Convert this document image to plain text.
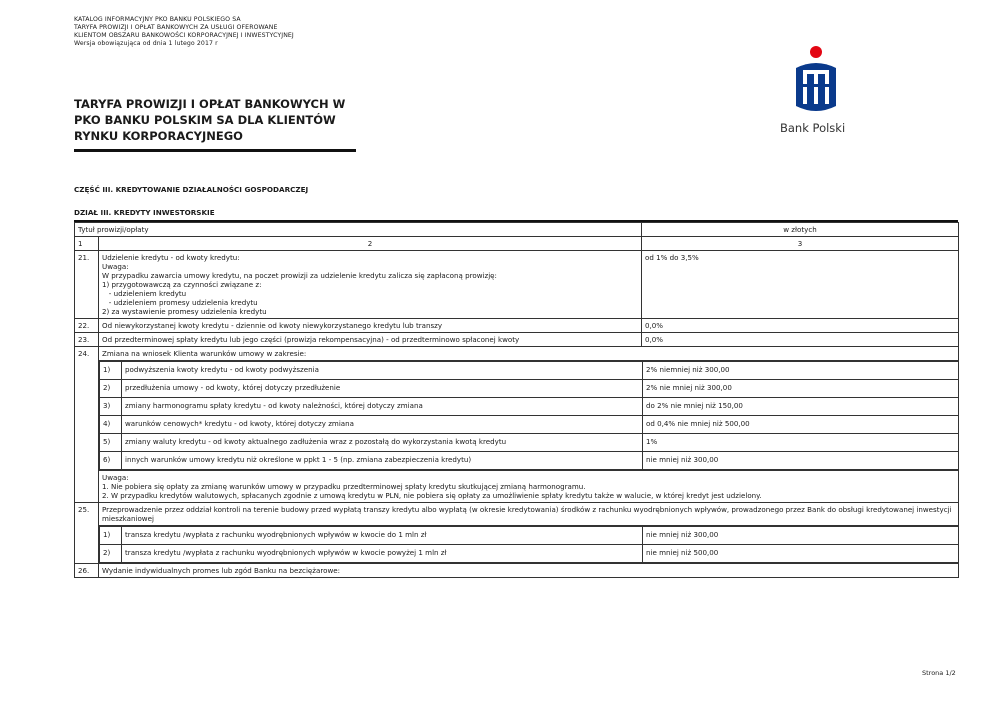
KATALOG INFORMACYJNY PKO BANKU POLSKIEGO SA
TARYFA PROWIZJI I OPŁAT BANKOWYCH ZA USŁUGI OFEROWANE
KLIENTOM OBSZARU BANKOWOŚCI KORPORACYJNEJ I INWESTYCYJNEJ
Wersja obowiązująca od dnia 1 lutego 2017 r
TARYFA PROWIZJI I OPŁAT BANKOWYCH W PKO BANKU POLSKIM SA DLA KLIENTÓW RYNKU KORPORACYJNEGO
Bank Polski
CZĘŚĆ III. KREDYTOWANIE DZIAŁALNOŚCI GOSPODARCZEJ
DZIAŁ III. KREDYTY INWESTORSKIE
Tytuł prowizji/opłaty	w złotych
1	2	3
21.	Udzielenie kredytu - od kwoty kredytu:
Uwaga:
W przypadku zawarcia umowy kredytu, na poczet prowizji za udzielenie kredytu zalicza się zapłaconą prowizję:
1) przygotowawczą za czynności związane z:
- udzieleniem kredytu
- udzieleniem promesy udzielenia kredytu
2) za wystawienie promesy udzielenia kredytu
	od 1% do 3,5%
22.	Od niewykorzystanej kwoty kredytu - dziennie od kwoty niewykorzystanego kredytu lub transzy	0,0%
23.	Od przedterminowej spłaty kredytu lub jego części (prowizja rekompensacyjna) - od przedterminowo spłaconej kwoty	0,0%
24.	Zmiana na wniosek Klienta warunków umowy w zakresie:

1)	podwyższenia kwoty kredytu - od kwoty podwyższenia	2% niemniej niż 300,00
2)	przedłużenia umowy - od kwoty, której dotyczy przedłużenie	2% nie mniej niż 300,00
3)	zmiany harmonogramu spłaty kredytu - od kwoty należności, której dotyczy zmiana	do 2% nie mniej niż 150,00
4)	warunków cenowych* kredytu - od kwoty, której dotyczy zmiana	od 0,4% nie mniej niż 500,00
5)	zmiany waluty kredytu - od kwoty aktualnego zadłużenia wraz z pozostałą do wykorzystania kwotą kredytu	1%
6)	innych warunków umowy kredytu niż określone w ppkt 1 - 5 (np. zmiana zabezpieczenia kredytu)	nie mniej niż 300,00

Uwaga:
1. Nie pobiera się opłaty za zmianę warunków umowy w przypadku przedterminowej spłaty kredytu skutkującej zmianą harmonogramu.
2. W przypadku kredytów walutowych, spłacanych zgodnie z umową kredytu w PLN, nie pobiera się opłaty za umożliwienie spłaty kredytu także w walucie, w której kredyt jest udzielony.

25.	Przeprowadzenie przez oddział kontroli na terenie budowy przed wypłatą transzy kredytu albo wypłatą (w okresie kredytowania) środków z rachunku wyodrębnionych wpływów, prowadzonego przez Bank do obsługi kredytowanej inwestycji mieszkaniowej

1)	transza kredytu /wypłata z rachunku wyodrębnionych wpływów w kwocie do 1 mln zł	nie mniej niż 300,00
2)	transza kredytu /wypłata z rachunku wyodrębnionych wpływów w kwocie powyżej 1 mln zł	nie mniej niż 500,00

26.	Wydanie indywidualnych promes lub zgód Banku na bezciężarowe:
Strona 1/2
